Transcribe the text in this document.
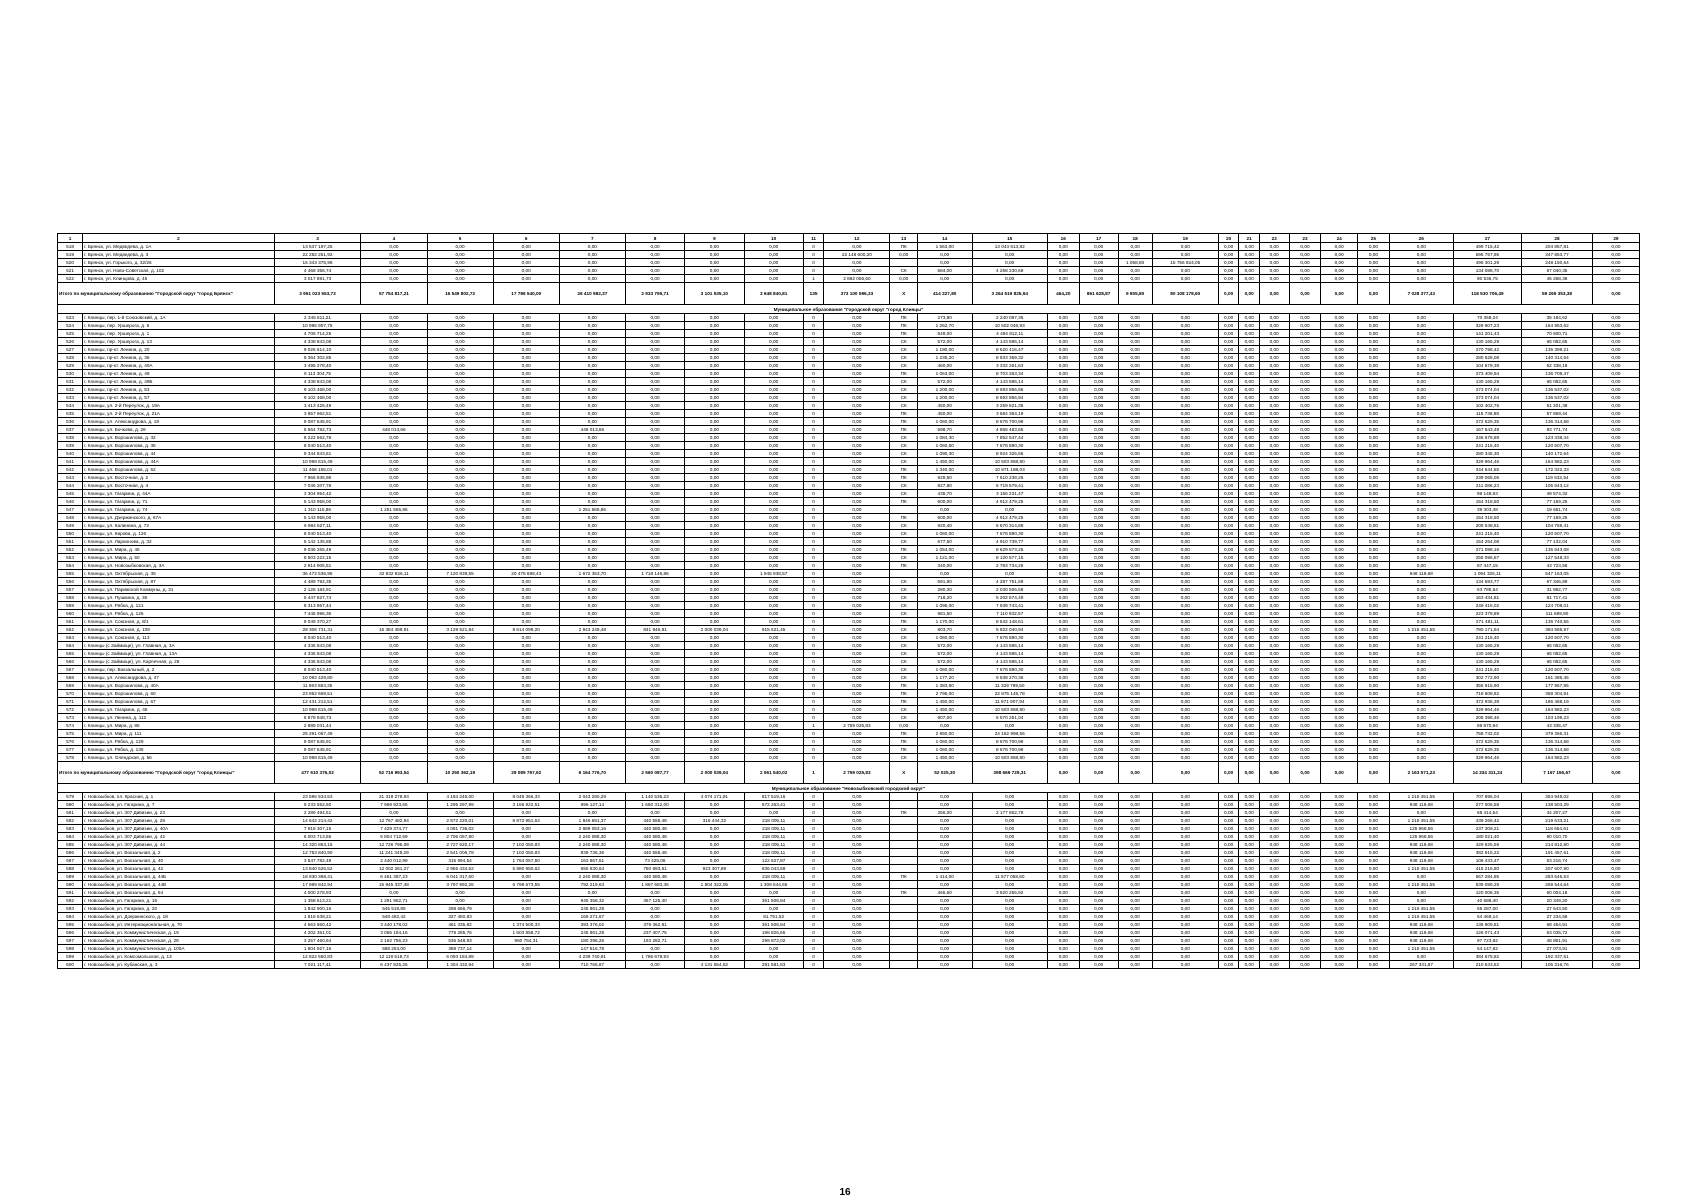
1	2	3	4	5	6	7	8	9	10	11	12	13	14	15	16	17	18	19	20	21	22	23	24	25	26	27	28	29
518	г. Брянск, ул. Медведева, д. 1А	13 637 197,25	0,00	0,00	0,00	0,00	0,00	0,00	0,00	0	0,00	ПК	1 563,00	13 043 613,82	0,00	0,00	0,00	0,00	0,00	0,00	0,00	0,00	0,00	0,00	0,00	499 715,42	204 857,81	0,00
519	г. Брянск, ул. Медведева, д. 3	22 282 251,92	0,00	0,00	0,00	0,00	0,00	0,00	0,00	0	22 148 600,20	0,00	0,00	0,00	0,00	0,00	0,00	0,00	0,00	0,00	0,00	0,00	0,00	0,00	0,00	695 757,95	347 853,77	0,00
520	г. Брянск, ул. Горького, д. 32/26	16 343 375,98	0,00	0,00	0,00	0,00	0,00	0,00	0,00	0	0,00		0,00	0,00	0,00	0,00	1 058,80	15 756 924,05	0,00	0,00	0,00	0,00	0,00	0,00	0,00	496 301,29	248 150,64	0,00
521	г. Брянск, ул. Ново-Советская, д. 102	4 468 356,74	0,00	0,00	0,00	0,00	0,00	0,00	0,00	0	0,00	СК	584,00	4 268 230,69	0,00	0,00	0,00	0,00	0,00	0,00	0,00	0,00	0,00	0,00	0,00	134 086,70	67 040,35	0,00
522	г. Брянск, ул. Клинцова, д. 45	3 017 891,73	0,00	0,00	0,00	0,00	0,00	0,00	0,00	1	2 882 056,60	0,00	0,00	0,00	0,00	0,00	0,00	0,00	0,00	0,00	0,00	0,00	0,00	0,00	0,00	90 536,75	45 268,38	0,00
Итого по муниципальному образованию "Городской округ "город Брянск"		3 951 023 553,73	57 754 817,21	16 549 802,72	17 786 540,00	26 410 982,37	2 933 795,71	3 101 535,10	3 648 840,81	135	373 100 596,33	Х	414 227,80	3 264 519 825,94	464,20	861 628,87	9 805,80	80 108 178,60	0,00	0,00	0,00	0,00	0,00	0,00	7 028 377,43	118 530 706,49	59 265 353,38	0,00
Муниципальное образование "Городской округ "город Клинцы"																												
523	г. Клинцы, пер. 1-й Союзовский, д. 1А	2 345 611,21	0,00	0,00	0,00	0,00	0,00	0,00	0,00	0	0,00	ПК	273,80	2 240 087,35	0,00	0,00	0,00	0,00	0,00	0,00	0,00	0,00	0,00	0,00	0,00	70 369,24	35 184,62	0,00
524	г. Клинцы, пер. Уршерога, д. 5	10 996 907,75	0,00	0,00	0,00	0,00	0,00	0,00	0,00	0	0,00	ПК	1 262,70	10 502 046,93	0,00	0,00	0,00	0,00	0,00	0,00	0,00	0,00	0,00	0,00	0,00	329 907,23	164 953,62	0,00
525	г. Клинцы, пер. Уршерога, д. 1	4 706 714,25	0,00	0,00	0,00	0,00	0,00	0,00	0,00	0	0,00	ПК	549,00	4 494 812,11	0,00	0,00	0,00	0,00	0,00	0,00	0,00	0,00	0,00	0,00	0,00	141 201,43	70 600,71	0,00
526	г. Клинцы, пер. Уршерога, д. 13	4 338 843,08	0,00	0,00	0,00	0,00	0,00	0,00	0,00	0	0,00	СК	572,00	4 143 595,14	0,00	0,00	0,00	0,00	0,00	0,00	0,00	0,00	0,00	0,00	0,00	130 165,29	65 082,65	0,00
527	г. Клинцы, пр-кт. Ленина, д. 20	9 026 614,10	0,00	0,00	0,00	0,00	0,00	0,00	0,00	0	0,00	СК	1 190,00	8 620 416,47	0,00	0,00	0,00	0,00	0,00	0,00	0,00	0,00	0,00	0,00	0,00	270 798,42	135 399,21	0,00
528	г. Клинцы, пр-кт. Ленина, д. 36	9 364 302,85	0,00	0,00	0,00	0,00	0,00	0,00	0,00	0	0,00	СК	1 235,20	8 933 359,32	0,00	0,00	0,00	0,00	0,00	0,00	0,00	0,00	0,00	0,00	0,00	280 628,08	140 314,54	0,00
529	г. Клинцы, пр-кт. Ленина, д. 40А	3 495 278,40	0,00	0,00	0,00	0,00	0,00	0,00	0,00	0	0,00	СК	460,00	3 332 261,63	0,00	0,00	0,00	0,00	0,00	0,00	0,00	0,00	0,00	0,00	0,00	104 679,38	52 338,19	0,00
530	г. Клинцы, пр-кт. Ленина, д. 49	9 113 304,75	0,00	0,00	0,00	0,00	0,00	0,00	0,00	0	0,00	ПК	1 063,00	8 703 263,34	0,00	0,00	0,00	0,00	0,00	0,00	0,00	0,00	0,00	0,00	0,00	273 409,94	136 709,47	0,00
531	г. Клинцы, пр-кт. Ленина, д. 49Б	4 338 843,08	0,00	0,00	0,00	0,00	0,00	0,00	0,00	0	0,00	СК	572,00	4 143 595,14	0,00	0,00	0,00	0,00	0,00	0,00	0,00	0,00	0,00	0,00	0,00	130 165,29	65 082,65	0,00
532	г. Клинцы, пр-кт. Ленина, д. 53	9 103 468,00	0,00	0,00	0,00	0,00	0,00	0,00	0,00	0	0,00	СК	1 200,00	8 693 856,86	0,00	0,00	0,00	0,00	0,00	0,00	0,00	0,00	0,00	0,00	0,00	273 074,04	136 537,02	0,00
533	г. Клинцы, пр-кт. Ленина, д. 57	9 102 468,00	0,00	0,00	0,00	0,00	0,00	0,00	0,00	0	0,00	СК	1 200,00	8 692 856,94	0,00	0,00	0,00	0,00	0,00	0,00	0,00	0,00	0,00	0,00	0,00	273 074,04	136 537,02	0,00
534	г. Клинцы, ул. 2-й Переулок, д. 19А	3 413 425,49	0,00	0,00	0,00	0,00	0,00	0,00	0,00	0	0,00	СК	450,00	3 259 821,35	0,00	0,00	0,00	0,00	0,00	0,00	0,00	0,00	0,00	0,00	0,00	102 402,76	51 201,38	0,00
535	г. Клинцы, ул. 2-й Переулок, д. 21А	3 857 962,51	0,00	0,00	0,00	0,00	0,00	0,00	0,00	0	0,00	ПК	450,00	3 684 354,19	0,00	0,00	0,00	0,00	0,00	0,00	0,00	0,00	0,00	0,00	0,00	115 738,88	57 869,44	0,00
536	г. Клинцы, ул. Александрова, д. 18	9 087 645,91	0,00	0,00	0,00	0,00	0,00	0,00	0,00	0	0,00	ПК	1 060,00	8 678 700,98	0,00	0,00	0,00	0,00	0,00	0,00	0,00	0,00	0,00	0,00	0,00	272 629,35	136 314,68	0,00
537	г. Клинцы, ул. Бочкова, д. 29	5 564 782,73	448 013,66	0,00	0,00	448 013,66	0,00	0,00	0,00	0	0,00	ПК	598,70	4 865 483,65	0,00	0,00	0,00	0,00	0,00	0,00	0,00	0,00	0,00	0,00	0,00	167 543,48	83 771,74	0,00
538	г. Клинцы, ул. Ворошилова, д. 32	8 222 562,76	0,00	0,00	0,00	0,00	0,00	0,00	0,00	0	0,00	СК	1 084,30	7 852 547,44	0,00	0,00	0,00	0,00	0,00	0,00	0,00	0,00	0,00	0,00	0,00	246 676,88	123 338,44	0,00
539	г. Клинцы, ул. Ворошилова, д. 36	8 040 513,40	0,00	0,00	0,00	0,00	0,00	0,00	0,00	0	0,00	СК	1 060,50	7 678 890,30	0,00	0,00	0,00	0,00	0,00	0,00	0,00	0,00	0,00	0,00	0,00	241 215,40	120 607,70	0,00
540	г. Клинцы, ул. Ворошилова, д. 44	9 344 843,61	0,00	0,00	0,00	0,00	0,00	0,00	0,00	0	0,00	СК	1 090,30	8 924 325,66	0,00	0,00	0,00	0,00	0,00	0,00	0,00	0,00	0,00	0,00	0,00	280 345,30	140 172,64	0,00
541	г. Клинцы, ул. Ворошилова, д. 44А	10 998 615,49	0,00	0,00	0,00	0,00	0,00	0,00	0,00	0	0,00	СК	1 450,00	10 503 868,80	0,00	0,00	0,00	0,00	0,00	0,00	0,00	0,00	0,00	0,00	0,00	329 964,46	164 982,23	0,00
542	г. Клинцы, ул. Ворошилова, д. 52	11 468 155,01	0,00	0,00	0,00	0,00	0,00	0,00	0,00	0	0,00	ПК	1 340,00	10 871 188,03	0,00	0,00	0,00	0,00	0,00	0,00	0,00	0,00	0,00	0,00	0,00	344 644,65	172 322,33	0,00
543	г. Клинцы, ул. Восточная, д. 2	7 966 835,96	0,00	0,00	0,00	0,00	0,00	0,00	0,00	0	0,00	ПК	929,50	7 610 238,26	0,00	0,00	0,00	0,00	0,00	0,00	0,00	0,00	0,00	0,00	0,00	239 065,05	119 532,54	0,00
544	г. Клинцы, ул. Восточная, д. 4	7 036 207,76	0,00	0,00	0,00	0,00	0,00	0,00	0,00	0	0,00	СК	827,80	6 719 579,41	0,00	0,00	0,00	0,00	0,00	0,00	0,00	0,00	0,00	0,00	0,00	211 086,23	105 543,12	0,00
545	г. Клинцы, ул. Гагарина, д. 44А	3 304 954,42	0,00	0,00	0,00	0,00	0,00	0,00	0,00	0	0,00	СК	435,70	3 156 231,47	0,00	0,00	0,00	0,00	0,00	0,00	0,00	0,00	0,00	0,00	0,00	99 148,63	49 574,32	0,00
546	г. Клинцы, ул. Гагарина, д. 71	5 143 958,00	0,00	0,00	0,00	0,00	0,00	0,00	0,00	0	0,00	ПК	600,00	4 912 479,25	0,00	0,00	0,00	0,00	0,00	0,00	0,00	0,00	0,00	0,00	0,00	154 318,50	77 159,25	0,00
547	г. Клинцы, ул. Гагарина, д. 74	1 310 115,86	1 251 565,86	0,00	0,00	1 251 565,86	0,00	0,00	0,00	0	0,00		0,00	0,00	0,00	0,00	0,00	0,00	0,00	0,00	0,00	0,00	0,00	0,00	0,00	39 303,48	19 651,74	0,00
548	г. Клинцы, ул. Дзержинского, д. 67А	5 143 958,00	0,00	0,00	0,00	0,00	0,00	0,00	0,00	0	0,00	ПК	600,00	4 912 479,25	0,00	0,00	0,00	0,00	0,00	0,00	0,00	0,00	0,00	0,00	0,00	154 318,50	77 159,25	0,00
549	г. Клинцы, ул. Калинина, д. 72	6 984 627,11	0,00	0,00	0,00	0,00	0,00	0,00	0,00	0	0,00	СК	920,40	6 670 314,89	0,00	0,00	0,00	0,00	0,00	0,00	0,00	0,00	0,00	0,00	0,00	209 538,81	104 769,41	0,00
550	г. Клинцы, ул. Кирова, д. 126	8 040 513,40	0,00	0,00	0,00	0,00	0,00	0,00	0,00	0	0,00	СК	1 060,00	7 678 890,30	0,00	0,00	0,00	0,00	0,00	0,00	0,00	0,00	0,00	0,00	0,00	241 215,40	120 607,70	0,00
551	г. Клинцы, ул. Ларионова, д. 32	5 142 135,88	0,00	0,00	0,00	0,00	0,00	0,00	0,00	0	0,00	СК	677,50	4 910 739,77	0,00	0,00	0,00	0,00	0,00	0,00	0,00	0,00	0,00	0,00	0,00	154 264,08	77 132,04	0,00
552	г. Клинцы, ул. Мира, д. 45	9 036 265,49	0,00	0,00	0,00	0,00	0,00	0,00	0,00	0	0,00	ПК	1 054,00	8 629 573,25	0,00	0,00	0,00	0,00	0,00	0,00	0,00	0,00	0,00	0,00	0,00	271 088,16	135 543,08	0,00
553	г. Клинцы, ул. Мира, д. 50	8 503 222,15	0,00	0,00	0,00	0,00	0,00	0,00	0,00	0	0,00	СК	1 121,00	8 120 577,15	0,00	0,00	0,00	0,00	0,00	0,00	0,00	0,00	0,00	0,00	0,00	255 096,67	127 548,33	0,00
554	г. Клинцы, ул. Новозыбковская, д. 3А	2 914 905,51	0,00	0,00	0,00	0,00	0,00	0,00	0,00	0	0,00	ПК	340,00	2 783 734,26	0,00	0,00	0,00	0,00	0,00	0,00	0,00	0,00	0,00	0,00	0,00	87 447,15	43 723,58	0,00
555	г. Клинцы, ул. Октябрьская, д. 35	36 472 536,95	32 932 826,11	7 120 839,55	20 475 698,43	1 672 353,70	1 718 146,86	0,00	1 945 938,57	0	0,00		0,00	0,00	0,00	0,00	0,00	0,00	0,00	0,00	0,00	0,00	0,00	0,00	948 119,68	1 094 326,11	547 163,05	0,00
556	г. Клинцы, ул. Октябрьская, д. 87	4 489 792,35	0,00	0,00	0,00	0,00	0,00	0,00	0,00	0	0,00	СК	591,80	4 287 751,69	0,00	0,00	0,00	0,00	0,00	0,00	0,00	0,00	0,00	0,00	0,00	134 693,77	67 346,89	0,00
557	г. Клинцы, ул. Парижской Коммуны, д. 31	2 126 184,91	0,00	0,00	0,00	0,00	0,00	0,00	0,00	0	0,00	СК	280,30	2 030 506,59	0,00	0,00	0,00	0,00	0,00	0,00	0,00	0,00	0,00	0,00	0,00	63 785,54	31 892,77	0,00
558	г. Клинцы, ул. Пушкина, д. 36	5 447 827,74	0,00	0,00	0,00	0,00	0,00	0,00	0,00	0	0,00	СК	718,20	5 202 674,49	0,00	0,00	0,00	0,00	0,00	0,00	0,00	0,00	0,00	0,00	0,00	163 434,81	81 717,41	0,00
559	г. Клинцы, ул. Рябка, д. 121	8 313 867,44	0,00	0,00	0,00	0,00	0,00	0,00	0,00	0	0,00	СК	1 096,00	7 939 743,41	0,00	0,00	0,00	0,00	0,00	0,00	0,00	0,00	0,00	0,00	0,00	249 416,02	124 708,01	0,00
560	г. Клинцы, ул. Рябка, д. 125	7 445 996,36	0,00	0,00	0,00	0,00	0,00	0,00	0,00	0	0,00	СК	981,50	7 110 932,57	0,00	0,00	0,00	0,00	0,00	0,00	0,00	0,00	0,00	0,00	0,00	223 379,89	111 689,90	0,00
561	г. Клинцы, ул. Союзная, д. 8/1	9 049 370,27	0,00	0,00	0,00	0,00	0,00	0,00	0,00	0	0,00	ПК	1 170,00	8 642 148,61	0,00	0,00	0,00	0,00	0,00	0,00	0,00	0,00	0,00	0,00	0,00	271 481,11	135 740,55	0,00
562	г. Клинцы, ул. Союзная, д. 108	28 306 731,31	16 384 489,91	3 129 521,84	8 614 099,20	2 943 248,48	841 946,81	2 000 039,04	915 621,45	0	0,00	СК	803,70	5 822 040,94	0,00	0,00	0,00	0,00	0,00	0,00	0,00	0,00	0,00	0,00	1 215 451,55	780 171,94	384 585,97	0,00
563	г. Клинцы, ул. Союзная, д. 113	8 040 513,40	0,00	0,00	0,00	0,00	0,00	0,00	0,00	0	0,00	СК	1 060,00	7 678 890,30	0,00	0,00	0,00	0,00	0,00	0,00	0,00	0,00	0,00	0,00	0,00	241 215,40	120 607,70	0,00
564	г. Клинцы (с Займище), ул. Главная, д. 3А	4 336 843,08	0,00	0,00	0,00	0,00	0,00	0,00	0,00	0	0,00	СК	572,00	4 143 595,14	0,00	0,00	0,00	0,00	0,00	0,00	0,00	0,00	0,00	0,00	0,00	130 165,29	65 082,65	0,00
565	г. Клинцы (с Займище), ул. Главная, д. 13А	4 336 843,08	0,00	0,00	0,00	0,00	0,00	0,00	0,00	0	0,00	СК	572,00	4 143 595,14	0,00	0,00	0,00	0,00	0,00	0,00	0,00	0,00	0,00	0,00	0,00	130 165,29	65 082,65	0,00
566	г. Клинцы (с Займище), ул. Карпечная, д. 28	4 336 843,08	0,00	0,00	0,00	0,00	0,00	0,00	0,00	0	0,00	СК	572,00	4 143 595,14	0,00	0,00	0,00	0,00	0,00	0,00	0,00	0,00	0,00	0,00	0,00	130 165,29	65 082,65	0,00
567	г. Клинцы, пер. Вокзальный, д. 2	8 040 513,40	0,00	0,00	0,00	0,00	0,00	0,00	0,00	0	0,00	СК	1 060,00	7 678 890,30	0,00	0,00	0,00	0,00	0,00	0,00	0,00	0,00	0,00	0,00	0,00	241 215,40	120 607,70	0,00
568	г. Клинцы, ул. Александрова, д. 47	10 092 429,80	0,00	0,00	0,00	0,00	0,00	0,00	0,00	0	0,00	СК	1 177,20	9 638 270,36	0,00	0,00	0,00	0,00	0,00	0,00	0,00	0,00	0,00	0,00	0,00	302 772,90	151 386,45	0,00
569	г. Клинцы, ул. Ворошилова, д. 40А	11 863 863,35	0,00	0,00	0,00	0,00	0,00	0,00	0,00	0	0,00	ПК	1 383,80	11 329 789,50	0,00	0,00	0,00	0,00	0,00	0,00	0,00	0,00	0,00	0,00	0,00	355 915,90	177 957,95	0,00
570	г. Клинцы, ул. Ворошилова, д. 60	23 952 669,51	0,00	0,00	0,00	0,00	0,00	0,00	0,00	0	0,00	ПК	2 796,00	22 875 145,78	0,00	0,00	0,00	0,00	0,00	0,00	0,00	0,00	0,00	0,00	0,00	718 608,82	359 304,91	0,00
571	г. Клинцы, ул. Ворошилова, д. 67	12 431 212,51	0,00	0,00	0,00	0,00	0,00	0,00	0,00	0	0,00	ПК	1 450,00	11 871 907,94	0,00	0,00	0,00	0,00	0,00	0,00	0,00	0,00	0,00	0,00	0,00	372 936,38	186 468,19	0,00
572	г. Клинцы, ул. Гагарина, д. 46	10 998 615,49	0,00	0,00	0,00	0,00	0,00	0,00	0,00	0	0,00	СК	1 450,00	10 503 868,80	0,00	0,00	0,00	0,00	0,00	0,00	0,00	0,00	0,00	0,00	0,00	329 964,46	164 982,23	0,00
573	г. Клинцы, ул. Ленина, д. 112	6 879 948,73	0,00	0,00	0,00	0,00	0,00	0,00	0,00	0	0,00	СК	907,00	6 570 251,04	0,00	0,00	0,00	0,00	0,00	0,00	0,00	0,00	0,00	0,00	0,00	206 398,46	103 199,23	0,00
574	г. Клинцы, ул. Мира, д. 86	2 889 031,44	0,00	0,00	0,00	0,00	0,00	0,00	0,00	1	2 759 025,83	0,00	0,00	0,00	0,00	0,00	0,00	0,00	0,00	0,00	0,00	0,00	0,00	0,00	0,00	86 670,94	43 335,47	0,00
575	г. Клинцы, ул. Мира, д. 111	25 291 067,49	0,00	0,00	0,00	0,00	0,00	0,00	0,00	0	0,00	ПК	2 950,00	24 152 998,56	0,00	0,00	0,00	0,00	0,00	0,00	0,00	0,00	0,00	0,00	0,00	758 732,02	379 366,31	0,00
576	г. Клинцы, ул. Рябка, д. 129	9 087 645,91	0,00	0,00	0,00	0,00	0,00	0,00	0,00	0	0,00	ПК	1 060,00	8 678 700,98	0,00	0,00	0,00	0,00	0,00	0,00	0,00	0,00	0,00	0,00	0,00	272 629,35	136 314,68	0,00
577	г. Клинцы, ул. Рябка, д. 135	9 087 645,91	0,00	0,00	0,00	0,00	0,00	0,00	0,00	0	0,00	ПК	1 060,00	8 678 700,98	0,00	0,00	0,00	0,00	0,00	0,00	0,00	0,00	0,00	0,00	0,00	272 629,35	136 314,68	0,00
578	г. Клинцы, ул. Олендская, д. 56	10 998 615,49	0,00	0,00	0,00	0,00	0,00	0,00	0,00	0	0,00	СК	1 450,00	10 503 868,80	0,00	0,00	0,00	0,00	0,00	0,00	0,00	0,00	0,00	0,00	0,00	329 964,46	164 982,23	0,00
Итого по муниципальному образованию "Городской округ "город Клинцы"		477 610 376,02	52 716 993,54	10 250 362,19	29 089 797,62	6 164 776,70	2 560 087,77	2 000 039,04	2 561 540,02	1	2 759 025,83	Х	52 025,30	398 669 729,31	0,00	0,00	0,00	0,00	0,00	0,00	0,00	0,00	0,00	0,00	2 163 571,23	14 334 311,24	7 167 155,67	0,00
Муниципальное образование "Новозыбковский городской округ"																												
579	г. Новозыбков, пл. Красная, д. 1	23 596 534,53	21 319 278,93	4 184 245,00	8 049 366,33	2 043 290,29	1 140 536,23	4 074 171,91	817 519,16	0	0,00		0,00	0,00	0,00	0,00	0,00	0,00	0,00	0,00	0,00	0,00	0,00	0,00	1 215 451,55	707 896,04	353 948,02	0,00
580	г. Новозыбков, ул. Гагарина, д. 7	9 233 552,60	7 969 923,65	1 295 297,99	3 165 922,51	996 127,14	1 650 312,00	0,00	572 263,41	0	0,00		0,00	0,00	0,00	0,00	0,00	0,00	0,00	0,00	0,00	0,00	0,00	0,00	948 119,68	277 006,58	138 503,29	0,00
581	г. Новозыбков, ул. 307 Дивизии, д. 23	2 289 494,51	0,00	0,00	0,00	0,00	0,00	0,00	0,00	0	0,00	ПК	256,00	2 177 862,78	0,00	0,00	0,00	0,00	0,00	0,00	0,00	0,00	0,00	0,00	0,00	68 414,54	34 207,27	0,00
582	г. Новозыбков, ул. 307 Дивизии, д. 29	14 642 214,42	12 767 482,94	2 872 220,01	6 872 951,64	1 846 691,37	440 558,48	316 444,32	218 005,11	0	0,00		0,00	0,00	0,00	0,00	0,00	0,00	0,00	0,00	0,00	0,00	0,00	0,00	1 215 451,55	439 266,42	219 633,21	0,00
583	г. Новозыбков, ул. 307 Дивизии, д. 40А	7 918 307,15	7 429 374,77	4 081 736,02	0,00	2 689 053,16	440 580,48	0,00	218 005,11	0	0,00		0,00	0,00	0,00	0,00	0,00	0,00	0,00	0,00	0,00	0,00	0,00	0,00	125 968,56	237 309,21	118 654,61	0,00
584	г. Новозыбков, ул. 307 Дивизии, д. 42	6 003 713,55	5 804 712,69	2 706 067,80	0,00	2 240 088,30	440 580,48	0,00	218 005,11	0	0,00		0,00	0,00	0,00	0,00	0,00	0,00	0,00	0,00	0,00	0,00	0,00	0,00	125 968,56	180 021,40	90 010,70	0,00
585	г. Новозыбков, ул. 307 Дивизии, д. 44	14 320 853,16	12 726 795,09	2 727 620,17	7 102 050,83	2 240 088,30	440 580,48	0,00	218 005,11	0	0,00		0,00	0,00	0,00	0,00	0,00	0,00	0,00	0,00	0,00	0,00	0,00	0,00	948 119,68	429 625,59	214 812,80	0,00
586	г. Новозыбков, ул. Вокзальная, д. 2	12 753 840,90	11 241 349,29	2 541 006,78	7 102 050,83	839 736,36	440 558,48	0,00	218 005,11	0	0,00		0,00	0,00	0,00	0,00	0,00	0,00	0,00	0,00	0,00	0,00	0,00	0,00	948 119,68	382 915,22	191 457,61	0,00
587	г. Новозыбков, ул. Вокзальная, д. 40	3 547 782,48	2 440 012,99	315 994,54	1 764 057,50	163 867,51	73 425,06	0,00	122 627,87	0	0,00		0,00	0,00	0,00	0,00	0,00	0,00	0,00	0,00	0,00	0,00	0,00	0,00	948 119,68	106 433,47	53 216,74	0,00
588	г. Новозыбков, ул. Вокзальная, д. 42	13 840 526,52	12 002 261,27	2 955 434,52	5 880 950,62	655 630,64	750 893,61	923 307,89	836 043,59	0	0,00		0,00	0,00	0,00	0,00	0,00	0,00	0,00	0,00	0,00	0,00	0,00	0,00	1 215 451,55	415 215,80	207 607,90	0,00
589	г. Новозыбков, ул. Вокзальная, д. 44Б	18 930 368,41	6 461 387,23	6 041 317,60	0,00	2 240 088,30	440 580,48	0,00	218 005,11	0	0,00	ПК	1 414,00	11 577 058,60	0,00	0,00	0,00	0,00	0,00	0,00	0,00	0,00	0,00	0,00	0,00	567 284,85	283 646,53	0,00
590	г. Новозыбков, ул. Вокзальная, д. 44В	17 989 842,94	15 945 337,48	3 797 992,26	6 798 573,55	792 219,63	1 867 683,36	1 804 322,05	1 309 644,66	0	0,00		0,00	0,00	0,00	0,00	0,00	0,00	0,00	0,00	0,00	0,00	0,00	0,00	1 215 451,55	539 089,29	269 544,64	0,00
591	г. Новозыбков, ул. Вокзальная, д. 54	4 000 278,93	0,00	0,00	0,00	0,00	0,00	0,00	0,00	0	0,00	ПК	466,60	3 820 265,92	0,00	0,00	0,00	0,00	0,00	0,00	0,00	0,00	0,00	0,00	0,00	120 008,35	60 004,18	0,00
592	г. Новозыбков, ул. Гагарина, д. 16	1 358 613,21	1 291 962,71	0,00	0,00	945 358,32	367 125,40	0,00	361 508,84	0	0,00		0,00	0,00	0,00	0,00	0,00	0,00	0,00	0,00	0,00	0,00	0,00	0,00	0,00	40 688,40	20 349,20	0,00
593	г. Новозыбков, ул. Гагарина, д. 20	1 842 900,16	545 519,85	298 656,79	0,00	245 861,28	0,00	0,00	0,00	0	0,00		0,00	0,00	0,00	0,00	0,00	0,00	0,00	0,00	0,00	0,00	0,00	0,00	1 216 451,55	55 287,00	27 643,50	0,00
594	г. Новозыбков, ул. Дзержинского, д. 18	1 815 638,21	548 482,42	327 450,83	0,00	169 271,67	0,00	0,00	81 751,52	0	0,00		0,00	0,00	0,00	0,00	0,00	0,00	0,00	0,00	0,00	0,00	0,00	0,00	1 216 451,55	54 469,14	27 234,58	0,00
595	г. Новозыбков, ул. Интернациональная, д. 70	4 563 860,42	3 440 178,02	461 335,82	1 374 500,33	393 376,02	379 362,91	0,00	361 508,84	0	0,00		0,00	0,00	0,00	0,00	0,00	0,00	0,00	0,00	0,00	0,00	0,00	0,00	948 119,68	136 909,81	68 454,91	0,00
596	г. Новозыбков, ул. Коммунистическая, д. 19	4 202 361,01	3 065 184,16	779 285,76	1 603 858,72	245 861,28	237 407,75	0,00	198 826,65	0	0,00		0,00	0,00	0,00	0,00	0,00	0,00	0,00	0,00	0,00	0,00	0,00	0,00	948 119,68	126 071,43	63 035,72	0,00
597	г. Новозыбков, ул. Коммунистическая, д. 28	3 257 460,64	2 162 756,23	536 548,93	950 754,31	180 298,26	193 282,71	0,00	299 872,02	0	0,00		0,00	0,00	0,00	0,00	0,00	0,00	0,00	0,00	0,00	0,00	0,00	0,00	948 119,68	97 723,82	48 861,91	0,00
598	г. Новозыбков, ул. Коммунистическая, д. 100А	1 804 927,16	588 253,00	389 737,14	0,00	147 516,78	0,00	0,00	0,00	0	0,00		0,00	0,00	0,00	0,00	0,00	0,00	0,00	0,00	0,00	0,00	0,00	0,00	1 215 451,55	54 147,82	27 073,91	0,00
599	г. Новозыбков, ул. Комсомольская, д. 13	12 822 550,83	12 119 519,73	6 093 184,89	0,00	4 239 740,91	1 786 678,93	0,00	0,00	0	0,00		0,00	0,00	0,00	0,00	0,00	0,00	0,00	0,00	0,00	0,00	0,00	0,00	0,00	384 675,82	192 337,51	0,00
600	г. Новозыбков, ул. Кубанская, д. 3	7 021 117,41	6 437 825,26	1 304 432,94	0,00	710 765,87	0,00	4 131 554,62	291 581,83	0	0,00		0,00	0,00	0,00	0,00	0,00	0,00	0,00	0,00	0,00	0,00	0,00	0,00	267 331,87	210 633,52	105 316,76	0,00
16
